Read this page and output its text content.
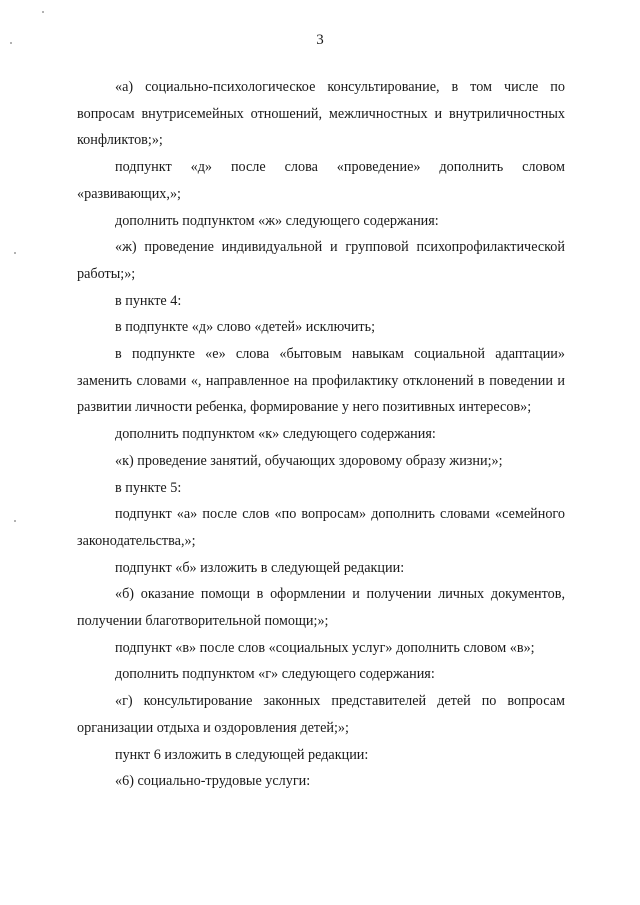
3

«а) социально-психологическое консультирование, в том числе по вопросам внутрисемейных отношений, межличностных и внутриличностных конфликтов;»;

подпункт «д» после слова «проведение» дополнить словом «развивающих,»;

дополнить подпунктом «ж» следующего содержания:

«ж) проведение индивидуальной и групповой психопрофилактической работы;»;

в пункте 4:

в подпункте «д» слово «детей» исключить;

в подпункте «е» слова «бытовым навыкам социальной адаптации» заменить словами «, направленное на профилактику отклонений в поведении и развитии личности ребенка, формирование у него позитивных интересов»;

дополнить подпунктом «к» следующего содержания:

«к) проведение занятий, обучающих здоровому образу жизни;»;

в пункте 5:

подпункт «а» после слов «по вопросам» дополнить словами «семейного законодательства,»;

подпункт «б» изложить в следующей редакции:

«б) оказание помощи в оформлении и получении личных документов, получении благотворительной помощи;»;

подпункт «в» после слов «социальных услуг» дополнить словом «в»;

дополнить подпунктом «г» следующего содержания:

«г) консультирование законных представителей детей по вопросам организации отдыха и оздоровления детей;»;

пункт 6 изложить в следующей редакции:

«6) социально-трудовые услуги:
